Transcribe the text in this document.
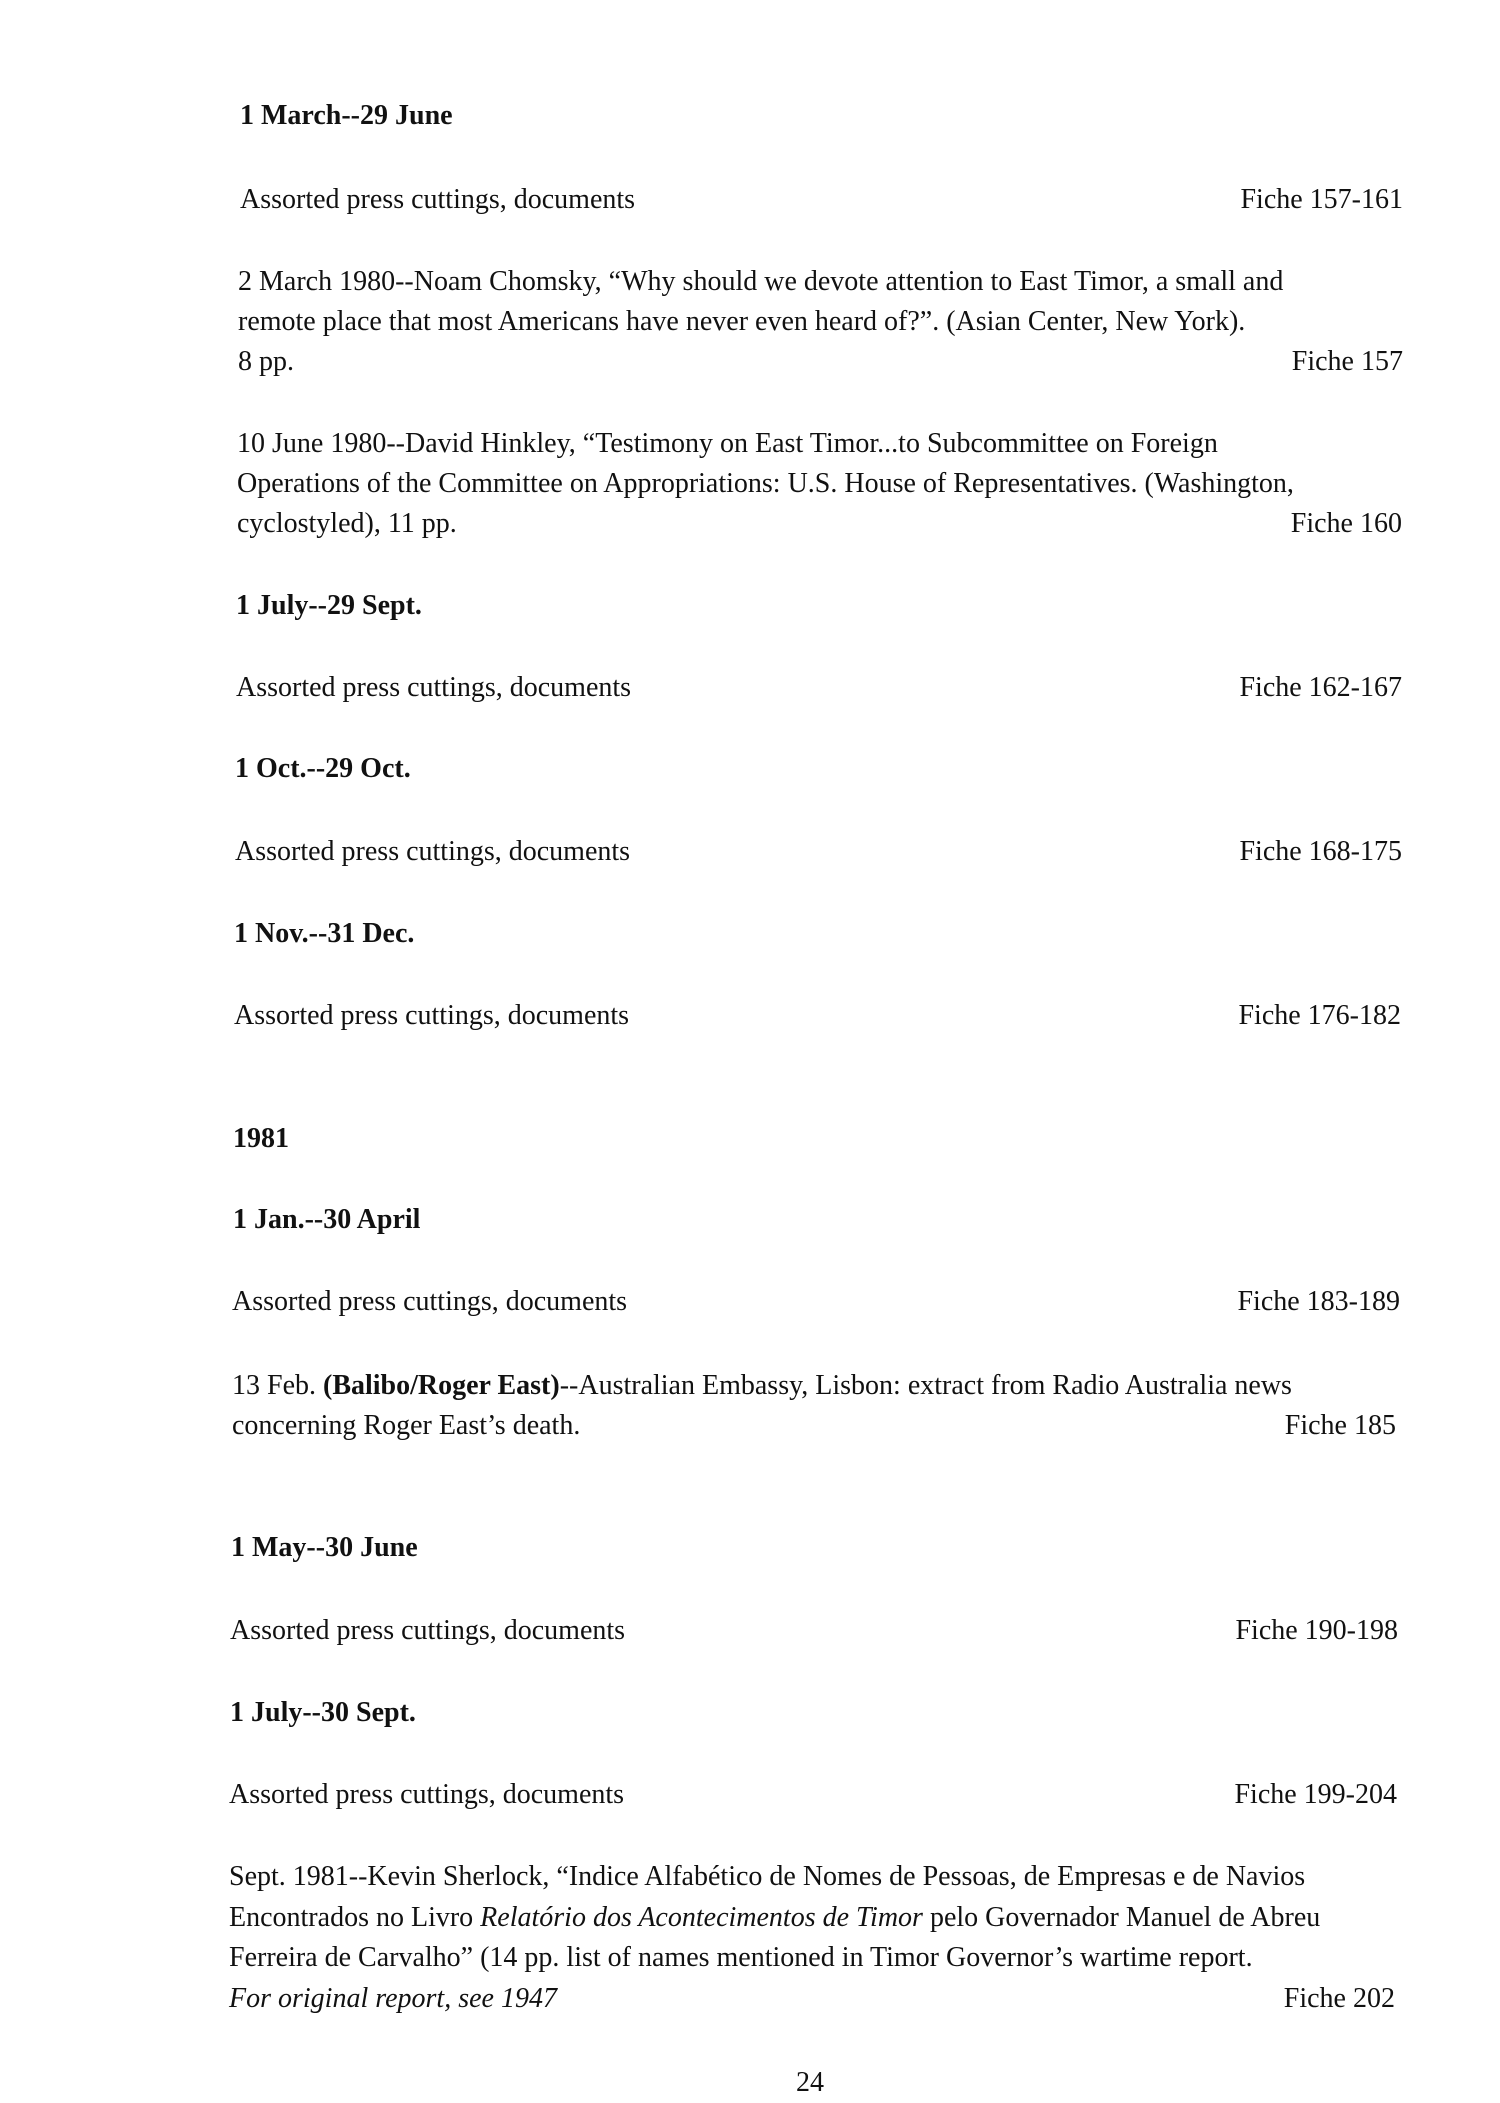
1 March--29 June
Assorted press cuttings, documents	Fiche 157-161
2 March 1980--Noam Chomsky, “Why should we devote attention to East Timor, a small and
remote place that most Americans have never even heard of?”. (Asian Center, New York).
8 pp.	Fiche 157
10 June 1980--David Hinkley, “Testimony on East Timor...to Subcommittee on Foreign
Operations of the Committee on Appropriations: U.S. House of Representatives. (Washington,
cyclostyled), 11 pp.	Fiche 160
1 July--29 Sept.
Assorted press cuttings, documents	Fiche 162-167
1 Oct.--29 Oct.
Assorted press cuttings, documents	Fiche 168-175
1 Nov.--31 Dec.
Assorted press cuttings, documents	Fiche 176-182
1981
1 Jan.--30 April
Assorted press cuttings, documents	Fiche 183-189
13 Feb. (Balibo/Roger East)--Australian Embassy, Lisbon: extract from Radio Australia news
concerning Roger East’s death.	Fiche 185
1 May--30 June
Assorted press cuttings, documents	Fiche 190-198
1 July--30 Sept.
Assorted press cuttings, documents	Fiche 199-204
Sept. 1981--Kevin Sherlock, “Indice Alfabético de Nomes de Pessoas, de Empresas e de Navios
Encontrados no Livro Relatório dos Acontecimentos de Timor pelo Governador Manuel de Abreu
Ferreira de Carvalho” (14 pp. list of names mentioned in Timor Governor’s wartime report.
For original report, see 1947	Fiche 202
24
